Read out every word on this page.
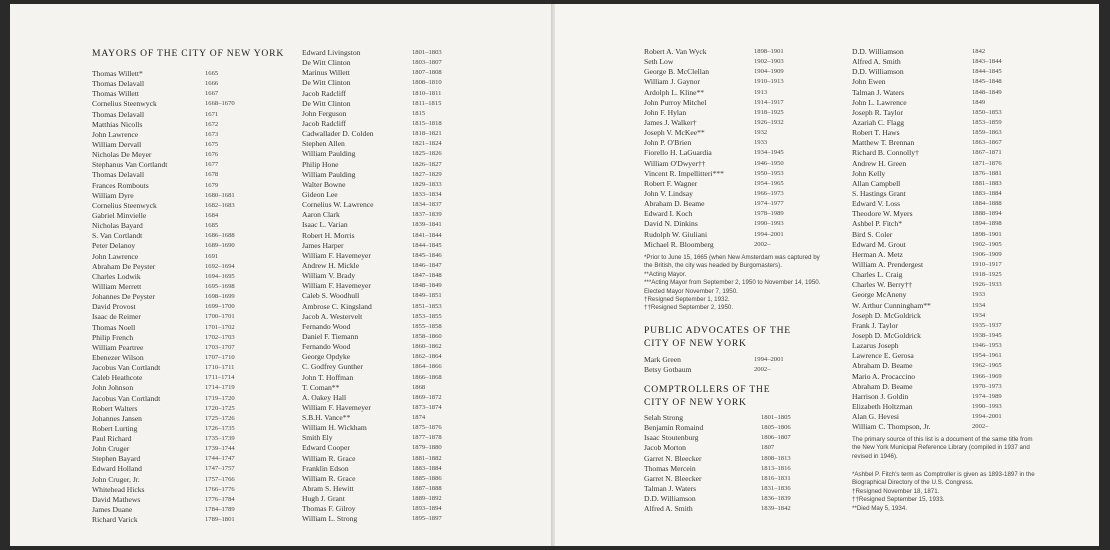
MAYORS OF THE CITY OF NEW YORK
Thomas Willett*	1665
Thomas Delavall	1666
Thomas Willett	1667
Cornelius Steenwyck	1668–1670
Thomas Delavall	1671
Matthias Nicolls	1672
John Lawrence	1673
William Dervall	1675
Nicholas De Meyer	1676
Stephanus Van Cortlandt	1677
Thomas Delavall	1678
Frances Rombouts	1679
William Dyre	1680–1681
Cornelius Steenwyck	1682–1683
Gabriel Minvielle	1684
Nicholas Bayard	1685
S. Van Cortlandt	1686–1688
Peter Delanoy	1689–1690
John Lawrence	1691
Abraham De Peyster	1692–1694
Charles Lodwik	1694–1695
William Merrett	1695–1698
Johannes De Peyster	1698–1699
David Provost	1699–1700
Isaac de Reimer	1700–1701
Thomas Noell	1701–1702
Philip French	1702–1703
William Peartree	1703–1707
Ebenezer Wilson	1707–1710
Jacobus Van Cortlandt	1710–1711
Caleb Heathcote	1711–1714
John Johnson	1714–1719
Jacobus Van Cortlandt	1719–1720
Robert Walters	1720–1725
Johannes Jansen	1725–1726
Robert Lurting	1726–1735
Paul Richard	1735–1739
John Cruger	1739–1744
Stephen Bayard	1744–1747
Edward Holland	1747–1757
John Cruger, Jr.	1757–1766
Whitehead Hicks	1766–1776
David Mathews	1776–1784
James Duane	1784–1789
Richard Varick	1789–1801
Edward Livingston	1801–1803
De Witt Clinton	1803–1807
Marinus Willett	1807–1808
De Witt Clinton	1808–1810
Jacob Radcliff	1810–1811
De Witt Clinton	1811–1815
John Ferguson	1815
Jacob Radcliff	1815–1818
Cadwallader D. Colden	1818–1821
Stephen Allen	1821–1824
William Paulding	1825–1826
Philip Hone	1826–1827
William Paulding	1827–1829
Walter Bowne	1829–1833
Gideon Lee	1833–1834
Cornelius W. Lawrence	1834–1837
Aaron Clark	1837–1839
Isaac L. Varian	1839–1841
Robert H. Morris	1841–1844
James Harper	1844–1845
William F. Havemeyer	1845–1846
Andrew H. Mickle	1846–1847
William V. Brady	1847–1848
William F. Havemeyer	1848–1849
Caleb S. Woodhull	1849–1851
Ambrose C. Kingsland	1851–1853
Jacob A. Westervelt	1853–1855
Fernando Wood	1855–1858
Daniel F. Tiemann	1858–1860
Fernando Wood	1860–1862
George Opdyke	1862–1864
C. Godfrey Gunther	1864–1866
John T. Hoffman	1866–1868
T. Coman**	1868
A. Oakey Hall	1869–1872
William F. Havemeyer	1873–1874
S.B.H. Vance**	1874
William H. Wickham	1875–1876
Smith Ely	1877–1878
Edward Cooper	1879–1880
William R. Grace	1881–1882
Franklin Edson	1883–1884
William R. Grace	1885–1886
Abram S. Hewitt	1887–1888
Hugh J. Grant	1889–1892
Thomas F. Gilroy	1893–1894
William L. Strong	1895–1897
Robert A. Van Wyck	1898–1901
Seth Low	1902–1903
George B. McClellan	1904–1909
William J. Gaynor	1910–1913
Ardolph L. Kline**	1913
John Purroy Mitchel	1914–1917
John F. Hylan	1918–1925
James J. Walker†	1926–1932
Joseph V. McKee**	1932
John P. O'Brien	1933
Fiorello H. LaGuardia	1934–1945
William O'Dwyer††	1946–1950
Vincent R. Impellitteri***	1950–1953
Robert F. Wagner	1954–1965
John V. Lindsay	1966–1973
Abraham D. Beame	1974–1977
Edward I. Koch	1978–1989
David N. Dinkins	1990–1993
Rudolph W. Giuliani	1994–2001
Michael R. Bloomberg	2002–
*Prior to June 15, 1665 (when New Amsterdam was captured by
the British, the city was headed by Burgomasters).
**Acting Mayor.
***Acting Mayor from September 2, 1950 to November 14, 1950.
Elected Mayor November 7, 1950.
†Resigned September 1, 1932.
††Resigned September 2, 1950.
PUBLIC ADVOCATES OF THE
CITY OF NEW YORK
Mark Green	1994–2001
Betsy Gotbaum	2002–
COMPTROLLERS OF THE
CITY OF NEW YORK
Selah Strong	1801–1805
Benjamin Romaind	1805–1806
Isaac Stoutenburg	1806–1807
Jacob Morton	1807
Garret N. Bleecker	1808–1813
Thomas Mercein	1813–1816
Garret N. Bleecker	1816–1831
Talman J. Waters	1831–1836
D.D. Williamson	1836–1839
Alfred A. Smith	1839–1842
D.D. Williamson	1842
Alfred A. Smith	1843–1844
D.D. Williamson	1844–1845
John Ewen	1845–1848
Talman J. Waters	1848–1849
John L. Lawrence	1849
Joseph R. Taylor	1850–1853
Azariah C. Flagg	1853–1859
Robert T. Haws	1859–1863
Matthew T. Brennan	1863–1867
Richard B. Connolly†	1867–1871
Andrew H. Green	1871–1876
John Kelly	1876–1881
Allan Campbell	1881–1883
S. Hastings Grant	1883–1884
Edward V. Loss	1884–1888
Theodore W. Myers	1888–1894
Ashbel P. Fitch*	1894–1898
Bird S. Coler	1898–1901
Edward M. Grout	1902–1905
Herman A. Metz	1906–1909
William A. Prendergest	1910–1917
Charles L. Craig	1918–1925
Charles W. Berry††	1926–1933
George McAneny	1933
W. Arthur Cunningham**	1934
Joseph D. McGoldrick	1934
Frank J. Taylor	1935–1937
Joseph D. McGoldrick	1938–1945
Lazarus Joseph	1946–1953
Lawrence E. Gerosa	1954–1961
Abraham D. Beame	1962–1965
Mario A. Procaccino	1966–1969
Abraham D. Beame	1970–1973
Harrison J. Goldin	1974–1989
Elizabeth Holtzman	1990–1993
Alan G. Hevesi	1994–2001
William C. Thompson, Jr.	2002–
The primary source of this list is a document of the same title from
the New York Municipal Reference Library (compiled in 1937 and
revised in 1946).
*Ashbel P. Fitch's term as Comptroller is given as 1893-1897 in the
Biographical Directory of the U.S. Congress.
†Resigned November 18, 1871.
††Resigned September 15, 1933.
**Died May 5, 1934.
